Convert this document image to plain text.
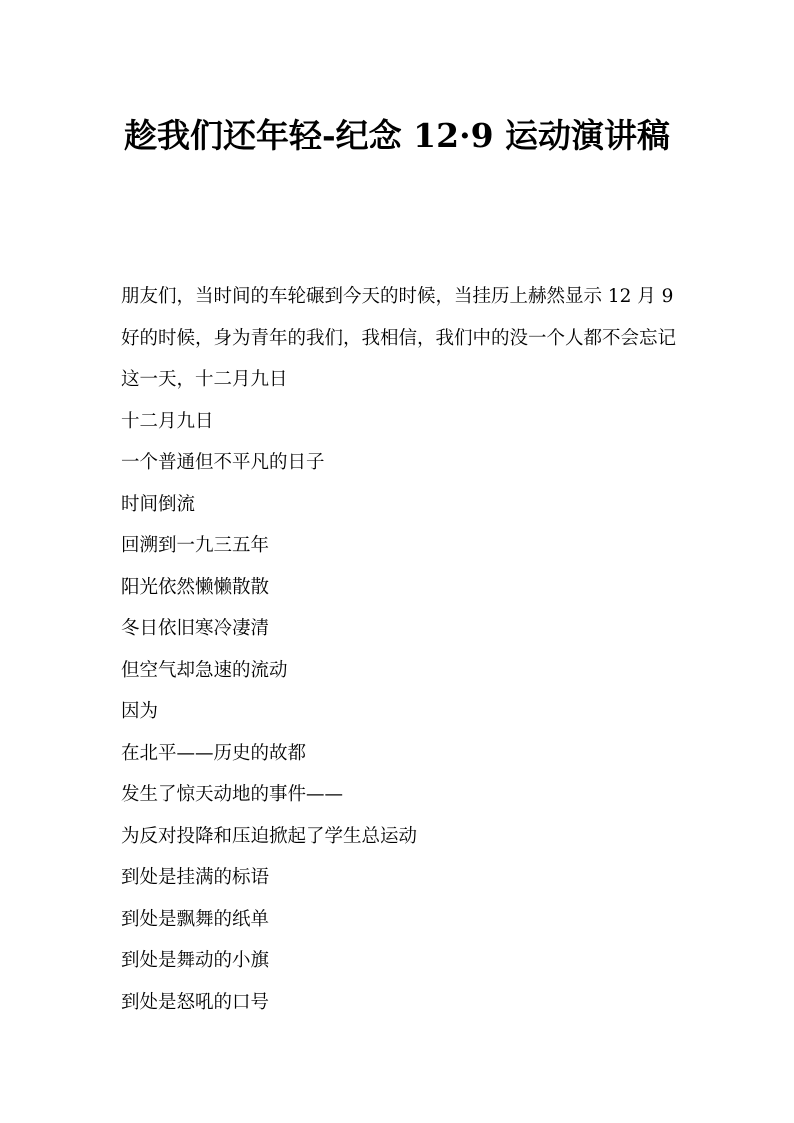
趁我们还年轻-纪念 12·9 运动演讲稿

朋友们，当时间的车轮碾到今天的时候，当挂历上赫然显示 12 月 9 好的时候，身为青年的我们，我相信，我们中的没一个人都不会忘记这一天，十二月九日

十二月九日

一个普通但不平凡的日子

时间倒流

回溯到一九三五年

阳光依然懒懒散散

冬日依旧寒冷凄清

但空气却急速的流动

因为

在北平——历史的故都

发生了惊天动地的事件——

为反对投降和压迫掀起了学生总运动

到处是挂满的标语

到处是飘舞的纸单

到处是舞动的小旗

到处是怒吼的口号
